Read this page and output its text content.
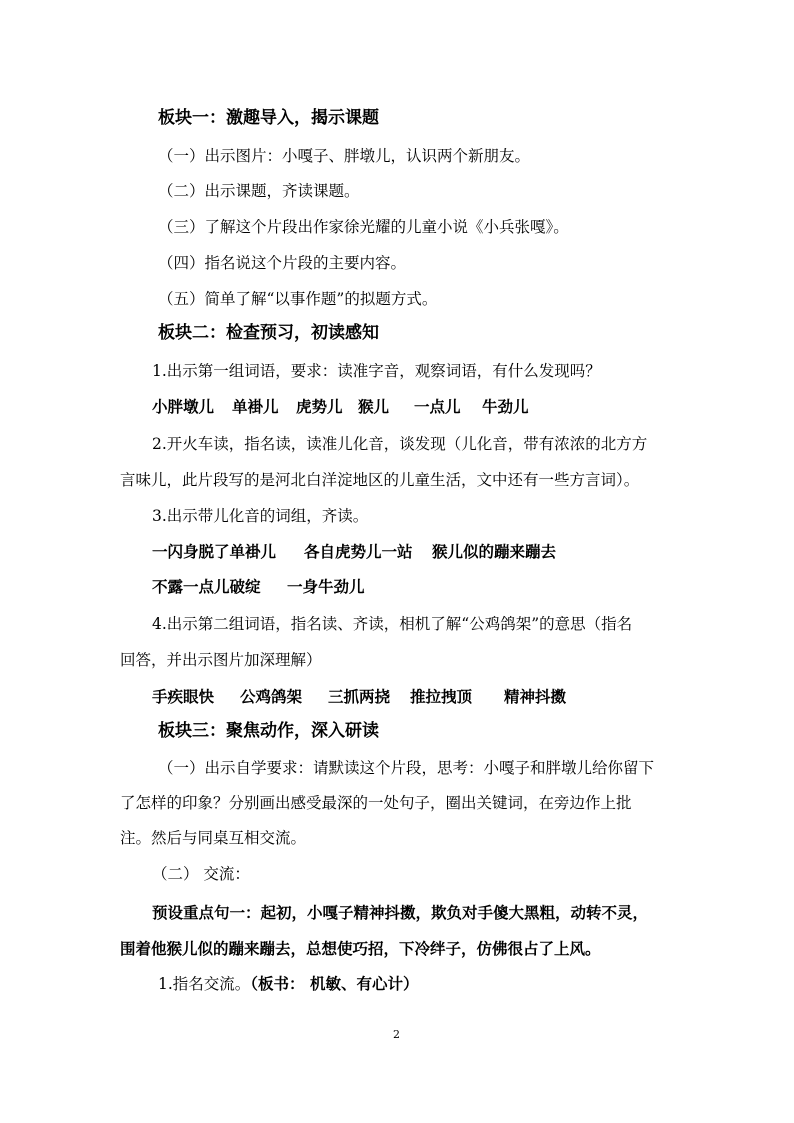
板块一：激趣导入，揭示课题
（一）出示图片：小嘎子、胖墩儿，认识两个新朋友。
（二）出示课题，齐读课题。
（三）了解这个片段出作家徐光耀的儿童小说《小兵张嘎》。
（四）指名说这个片段的主要内容。
（五）简单了解“以事作题”的拟题方式。
板块二：检查预习，初读感知
1.出示第一组词语，要求：读准字音，观察词语，有什么发现吗？
小胖墩儿 单褂儿 虎势儿 猴儿 一点儿 牛劲儿
2.开火车读，指名读，读准儿化音，谈发现（儿化音，带有浓浓的北方方
言味儿，此片段写的是河北白洋淀地区的儿童生活，文中还有一些方言词）。
3.出示带儿化音的词组，齐读。
一闪身脱了单褂儿 各自虎势儿一站 猴儿似的蹦来蹦去
不露一点儿破绽 一身牛劲儿
4.出示第二组词语，指名读、齐读，相机了解“公鸡鸽架”的意思（指名
回答，并出示图片加深理解）
手疾眼快 公鸡鸽架 三抓两挠 推拉拽顶 精神抖擞
板块三：聚焦动作，深入研读
（一）出示自学要求：请默读这个片段，思考：小嘎子和胖墩儿给你留下
了怎样的印象？分别画出感受最深的一处句子，圈出关键词，在旁边作上批
注。然后与同桌互相交流。
（二） 交流：
预设重点句一：起初，小嘎子精神抖擞，欺负对手傻大黑粗，动转不灵，
围着他猴儿似的蹦来蹦去，总想使巧招，下冷绊子，仿佛很占了上风。
1.指名交流。（板书： 机敏、有心计）
2
